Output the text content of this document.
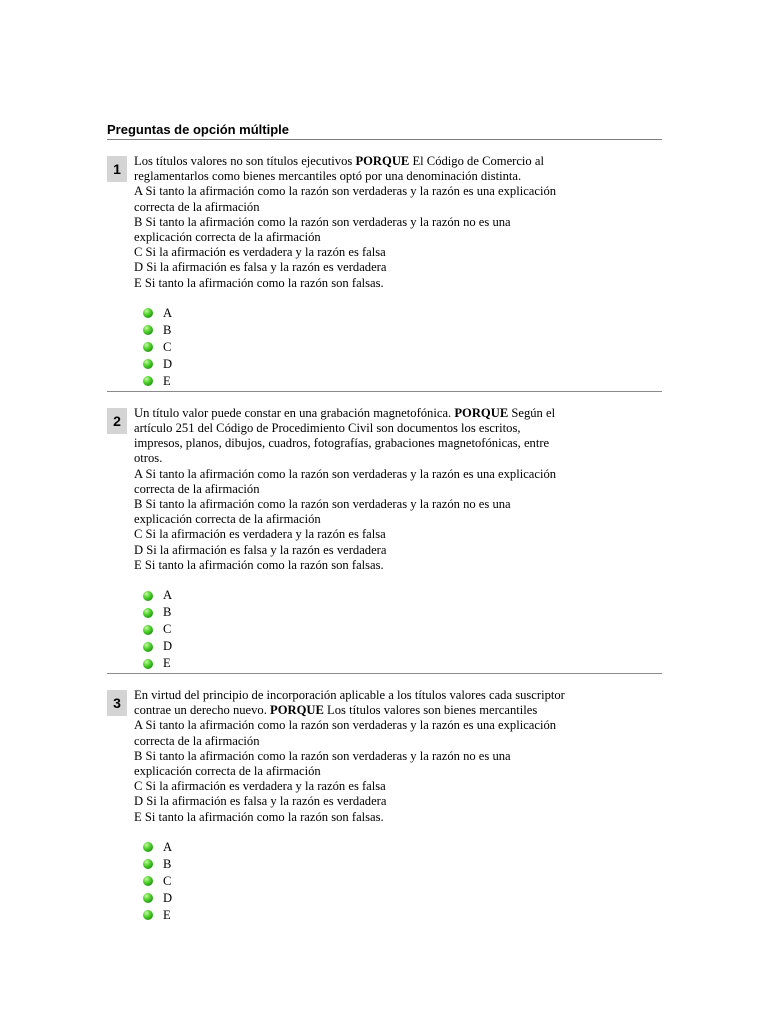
Preguntas de opción múltiple
1	Los títulos valores no son títulos ejecutivos PORQUE El Código de Comercio al
reglamentarlos como bienes mercantiles optó por una denominación distinta.
A Si tanto la afirmación como la razón son verdaderas y la razón es una explicación
correcta de la afirmación
B Si tanto la afirmación como la razón son verdaderas y la razón no es una
explicación correcta de la afirmación
C Si la afirmación es verdadera y la razón es falsa
D Si la afirmación es falsa y la razón es verdadera
E Si tanto la afirmación como la razón son falsas.
A
B
C
D
E
2	Un título valor puede constar en una grabación magnetofónica. PORQUE Según el
artículo 251 del Código de Procedimiento Civil son documentos los escritos,
impresos, planos, dibujos, cuadros, fotografías, grabaciones magnetofónicas, entre
otros.
A Si tanto la afirmación como la razón son verdaderas y la razón es una explicación
correcta de la afirmación
B Si tanto la afirmación como la razón son verdaderas y la razón no es una
explicación correcta de la afirmación
C Si la afirmación es verdadera y la razón es falsa
D Si la afirmación es falsa y la razón es verdadera
E Si tanto la afirmación como la razón son falsas.
A
B
C
D
E
3	En virtud del principio de incorporación aplicable a los títulos valores cada suscriptor
contrae un derecho nuevo. PORQUE Los títulos valores son bienes mercantiles
A Si tanto la afirmación como la razón son verdaderas y la razón es una explicación
correcta de la afirmación
B Si tanto la afirmación como la razón son verdaderas y la razón no es una
explicación correcta de la afirmación
C Si la afirmación es verdadera y la razón es falsa
D Si la afirmación es falsa y la razón es verdadera
E Si tanto la afirmación como la razón son falsas.
A
B
C
D
E
